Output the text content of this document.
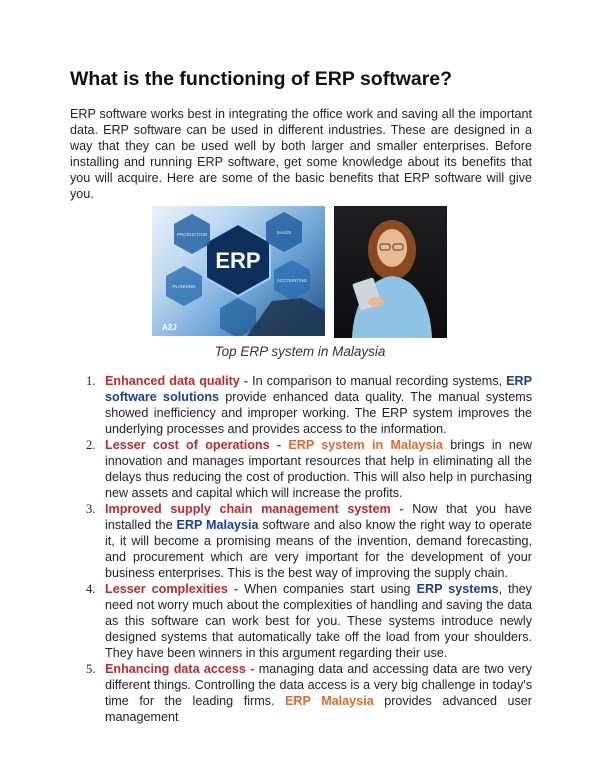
What is the functioning of ERP software?

ERP software works best in integrating the office work and saving all the important data. ERP software can be used in different industries. These are designed in a way that they can be used well by both larger and smaller enterprises. Before installing and running ERP software, get some knowledge about its benefits that you will acquire. Here are some of the basic benefits that ERP software will give you.

ERP
PRODUCTION	SALES
PLANNING
ACCOUNTING
A2J
Top ERP system in Malaysia
1. Enhanced data quality - In comparison to manual recording systems, ERP software solutions provide enhanced data quality. The manual systems showed inefficiency and improper working. The ERP system improves the underlying processes and provides access to the information.
2. Lesser cost of operations - ERP system in Malaysia brings in new innovation and manages important resources that help in eliminating all the delays thus reducing the cost of production. This will also help in purchasing new assets and capital which will increase the profits.
3. Improved supply chain management system - Now that you have installed the ERP Malaysia software and also know the right way to operate it, it will become a promising means of the invention, demand forecasting, and procurement which are very important for the development of your business enterprises. This is the best way of improving the supply chain.
4. Lesser complexities - When companies start using ERP systems, they need not worry much about the complexities of handling and saving the data as this software can work best for you. These systems introduce newly designed systems that automatically take off the load from your shoulders. They have been winners in this argument regarding their use.
5. Enhancing data access - managing data and accessing data are two very different things. Controlling the data access is a very big challenge in today's time for the leading firms. ERP Malaysia provides advanced user management
